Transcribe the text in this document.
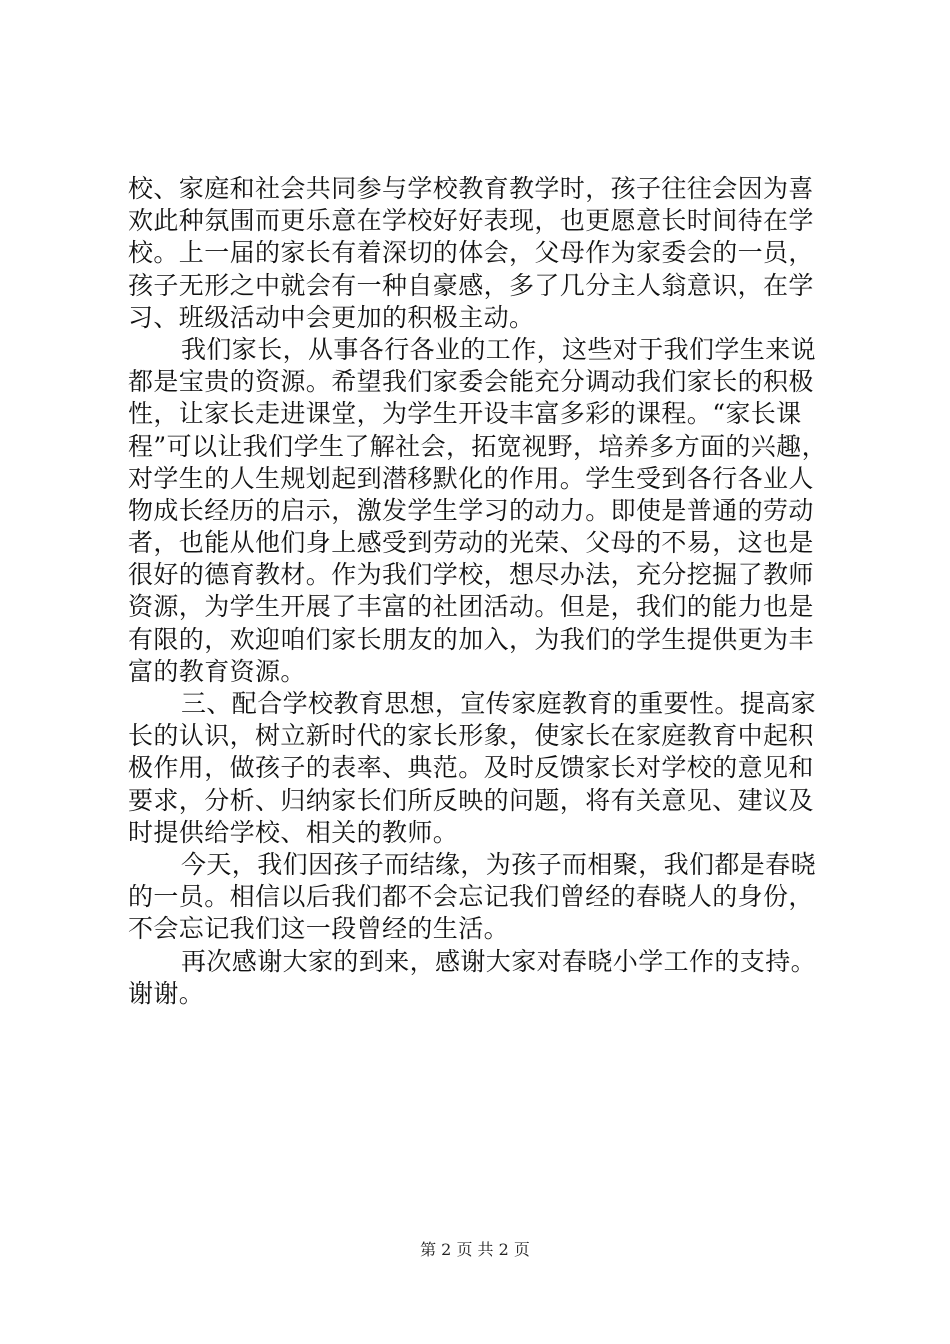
校、家庭和社会共同参与学校教育教学时，孩子往往会因为喜
欢此种氛围而更乐意在学校好好表现，也更愿意长时间待在学
校。上一届的家长有着深切的体会，父母作为家委会的一员，
孩子无形之中就会有一种自豪感，多了几分主人翁意识，在学
习、班级活动中会更加的积极主动。
我们家长，从事各行各业的工作，这些对于我们学生来说
都是宝贵的资源。希望我们家委会能充分调动我们家长的积极
性，让家长走进课堂，为学生开设丰富多彩的课程。“家长课
程”可以让我们学生了解社会，拓宽视野，培养多方面的兴趣，
对学生的人生规划起到潜移默化的作用。学生受到各行各业人
物成长经历的启示，激发学生学习的动力。即使是普通的劳动
者，也能从他们身上感受到劳动的光荣、父母的不易，这也是
很好的德育教材。作为我们学校，想尽办法，充分挖掘了教师
资源，为学生开展了丰富的社团活动。但是，我们的能力也是
有限的，欢迎咱们家长朋友的加入，为我们的学生提供更为丰
富的教育资源。
三、配合学校教育思想，宣传家庭教育的重要性。提高家
长的认识，树立新时代的家长形象，使家长在家庭教育中起积
极作用，做孩子的表率、典范。及时反馈家长对学校的意见和
要求，分析、归纳家长们所反映的问题，将有关意见、建议及
时提供给学校、相关的教师。
今天，我们因孩子而结缘，为孩子而相聚，我们都是春晓
的一员。相信以后我们都不会忘记我们曾经的春晓人的身份，
不会忘记我们这一段曾经的生活。
再次感谢大家的到来，感谢大家对春晓小学工作的支持。
谢谢。
第 2 页 共 2 页
